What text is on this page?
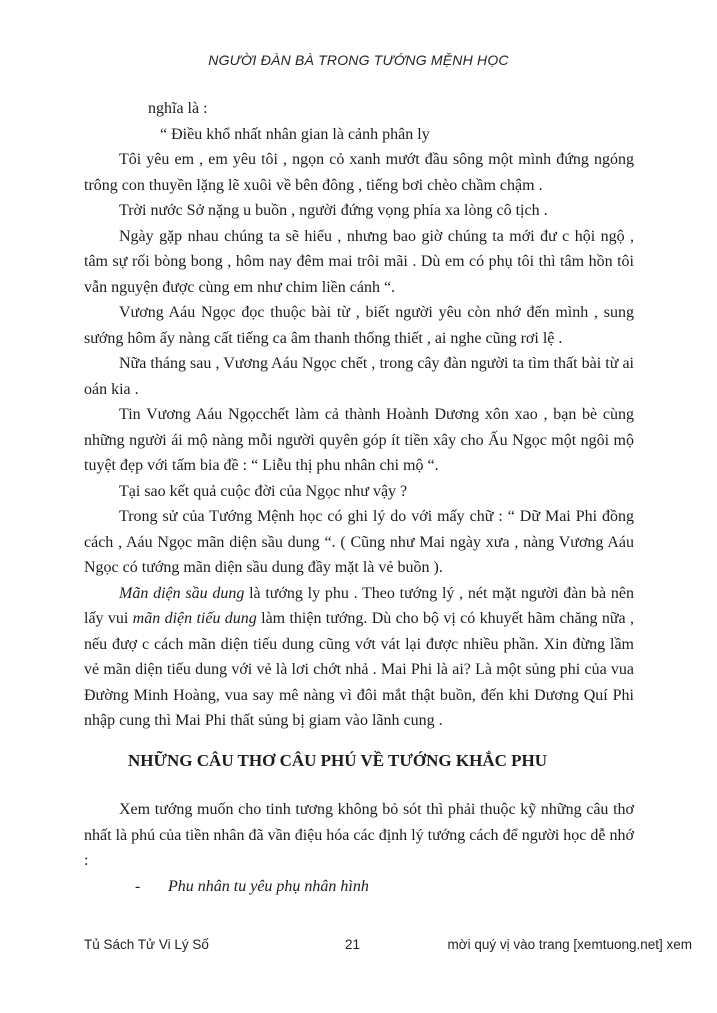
NGƯỜI ĐÀN BÀ TRONG TƯỚNG MỆNH HỌC

nghĩa là :

“ Điều khổ nhất nhân gian là cảnh phân ly

Tôi yêu em , em yêu tôi , ngọn cỏ xanh mướt đầu sông một mình đứng ngóng trông con thuyền lặng lẽ xuôi về bên đông , tiếng bơi chèo chầm chậm .

Trời nước Sở nặng u buồn , người đứng vọng phía xa lòng cô tịch .

Ngày gặp nhau chúng ta sẽ hiểu , nhưng bao giờ chúng ta mới đư c hội ngộ , tâm sự rối bòng bong , hôm nay đêm mai trôi mãi . Dù em có phụ tôi thì tâm hồn tôi vẫn nguyện được cùng em như chim liền cánh “.

Vương Aáu Ngọc đọc thuộc bài từ , biết người yêu còn nhớ đến mình , sung sướng hôm ấy nàng cất tiếng ca âm thanh thống thiết , ai nghe cũng rơi lệ .

Nữa tháng sau , Vương Aáu Ngọc chết , trong cây đàn người ta tìm thất bài từ ai oán kia .

Tin Vương Aáu Ngọcchết làm cả thành Hoành Dương xôn xao , bạn bè cùng những người ái mộ nàng mỗi người quyên góp ít tiền xây cho Ấu Ngọc một ngôi mộ tuyệt đẹp với tấm bia đề : “ Liễu thị phu nhân chi mộ “.

Tại sao kết quả cuộc đời của Ngọc như vậy ?

Trong sử của Tướng Mệnh học có ghi lý do với mấy chữ : “ Dữ Mai Phi đồng cách , Aáu Ngọc mãn diện sầu dung “. ( Cũng như Mai ngày xưa , nàng Vương Aáu Ngọc có tướng mãn diện sầu dung đầy mặt là vẻ buồn ).

Mãn diện sầu dung là tướng ly phu . Theo tướng lý , nét mặt người đàn bà nên lấy vui mãn diện tiếu dung làm thiện tướng. Dù cho bộ vị có khuyết hãm chăng nữa , nếu đượ c cách mãn diện tiếu dung cũng vớt vát lại được nhiều phần. Xin đừng lầm vẻ mãn diện tiếu dung với vẻ là lơi chớt nhả . Mai Phi là ai? Là một sủng phi của vua Đường Minh Hoàng, vua say mê nàng vì đôi mắt thật buồn, đến khi Dương Quí Phi nhập cung thì Mai Phi thất sủng bị giam vào lãnh cung .

NHỮNG CÂU THƠ CÂU PHÚ VỀ TƯỚNG KHẮC PHU

Xem tướng muốn cho tinh tương không bỏ sót thì phải thuộc kỹ những câu thơ nhất là phú của tiền nhân đã vần điệu hóa các định lý tướng cách để người học dễ nhớ :

- Phu nhân tu yêu phụ nhân hình

Tủ Sách Tử Vi Lý Số	21	mời quý vị vào trang [xemtuong.net] xem
